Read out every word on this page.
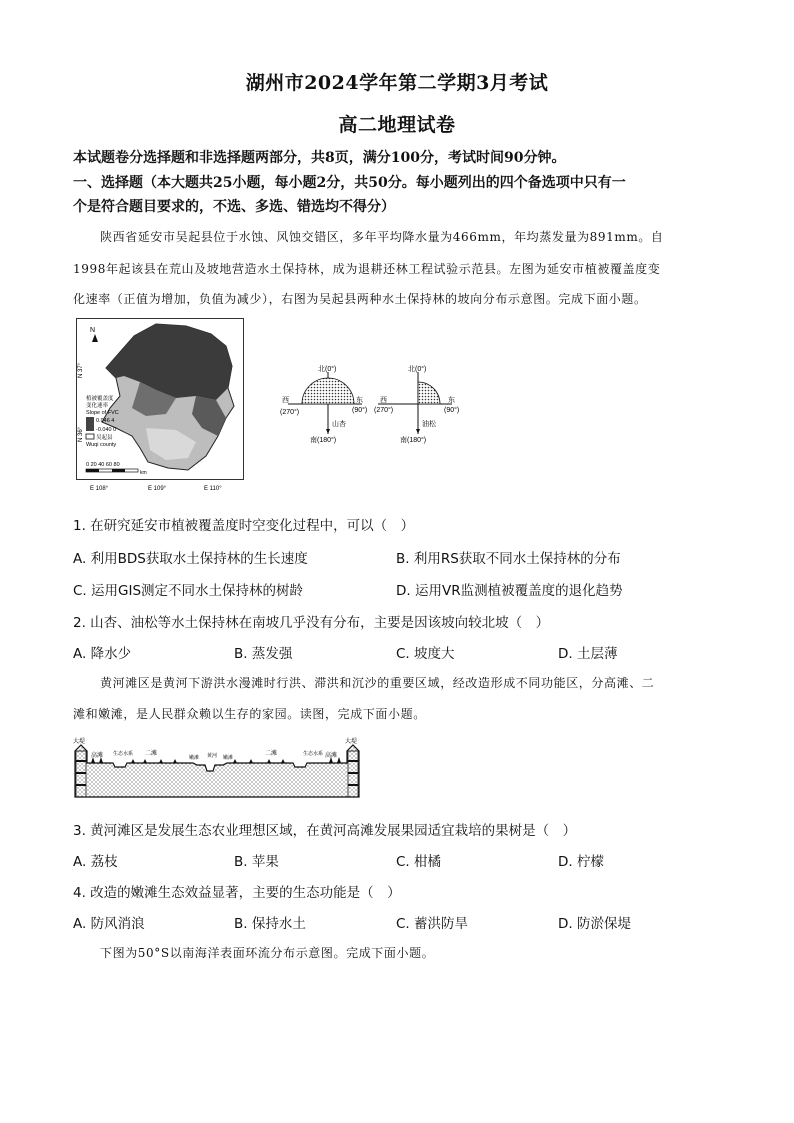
湖州市2024学年第二学期3月考试
高二地理试卷
本试题卷分选择题和非选择题两部分，共8页，满分100分，考试时间90分钟。
一、选择题（本大题共25小题，每小题2分，共50分。每小题列出的四个备选项中只有一
个是符合题目要求的，不选、多选、错选均不得分）
陕西省延安市吴起县位于水蚀、风蚀交错区，多年平均降水量为466mm，年均蒸发量为891mm。自
1998年起该县在荒山及坡地营造水土保持林，成为退耕还林工程试验示范县。左图为延安市植被覆盖度变
化速率（正值为增加，负值为减少），右图为吴起县两种水土保持林的坡向分布示意图。完成下面小题。
N
N 37°
N 36°
植被覆盖度
变化速率
Slope of FVC
0.046 4
-0.040 0
吴起县
Wuqi county
0 20 40 60 80
km
E 108°	E 109°	E 110°
北(0°)
西
(270°)
东
(90°)
山杏
南(180°)
北(0°)
西
(270°)
东
(90°)
油松
南(180°)
1. 在研究延安市植被覆盖度时空变化过程中，可以（　）
A. 利用BDS获取水土保持林的生长速度	B. 利用RS获取不同水土保持林的分布
C. 运用GIS测定不同水土保持林的树龄	D. 运用VR监测植被覆盖度的退化趋势
2. 山杏、油松等水土保持林在南坡几乎没有分布，主要是因该坡向较北坡（　）
A. 降水少	B. 蒸发强	C. 坡度大	D. 土层薄
黄河滩区是黄河下游洪水漫滩时行洪、滞洪和沉沙的重要区域，经改造形成不同功能区，分高滩、二
滩和嫩滩，是人民群众赖以生存的家园。读图，完成下面小题。
大堤	大堤
高滩 生态水系 二滩
嫩滩 黄河 嫩滩
二滩	生态水系 高滩
3. 黄河滩区是发展生态农业理想区域，在黄河高滩发展果园适宜栽培的果树是（　）
A. 荔枝	B. 苹果	C. 柑橘	D. 柠檬
4. 改造的嫩滩生态效益显著，主要的生态功能是（　）
A. 防风消浪	B. 保持水土	C. 蓄洪防旱	D. 防淤保堤
下图为50°S以南海洋表面环流分布示意图。完成下面小题。
